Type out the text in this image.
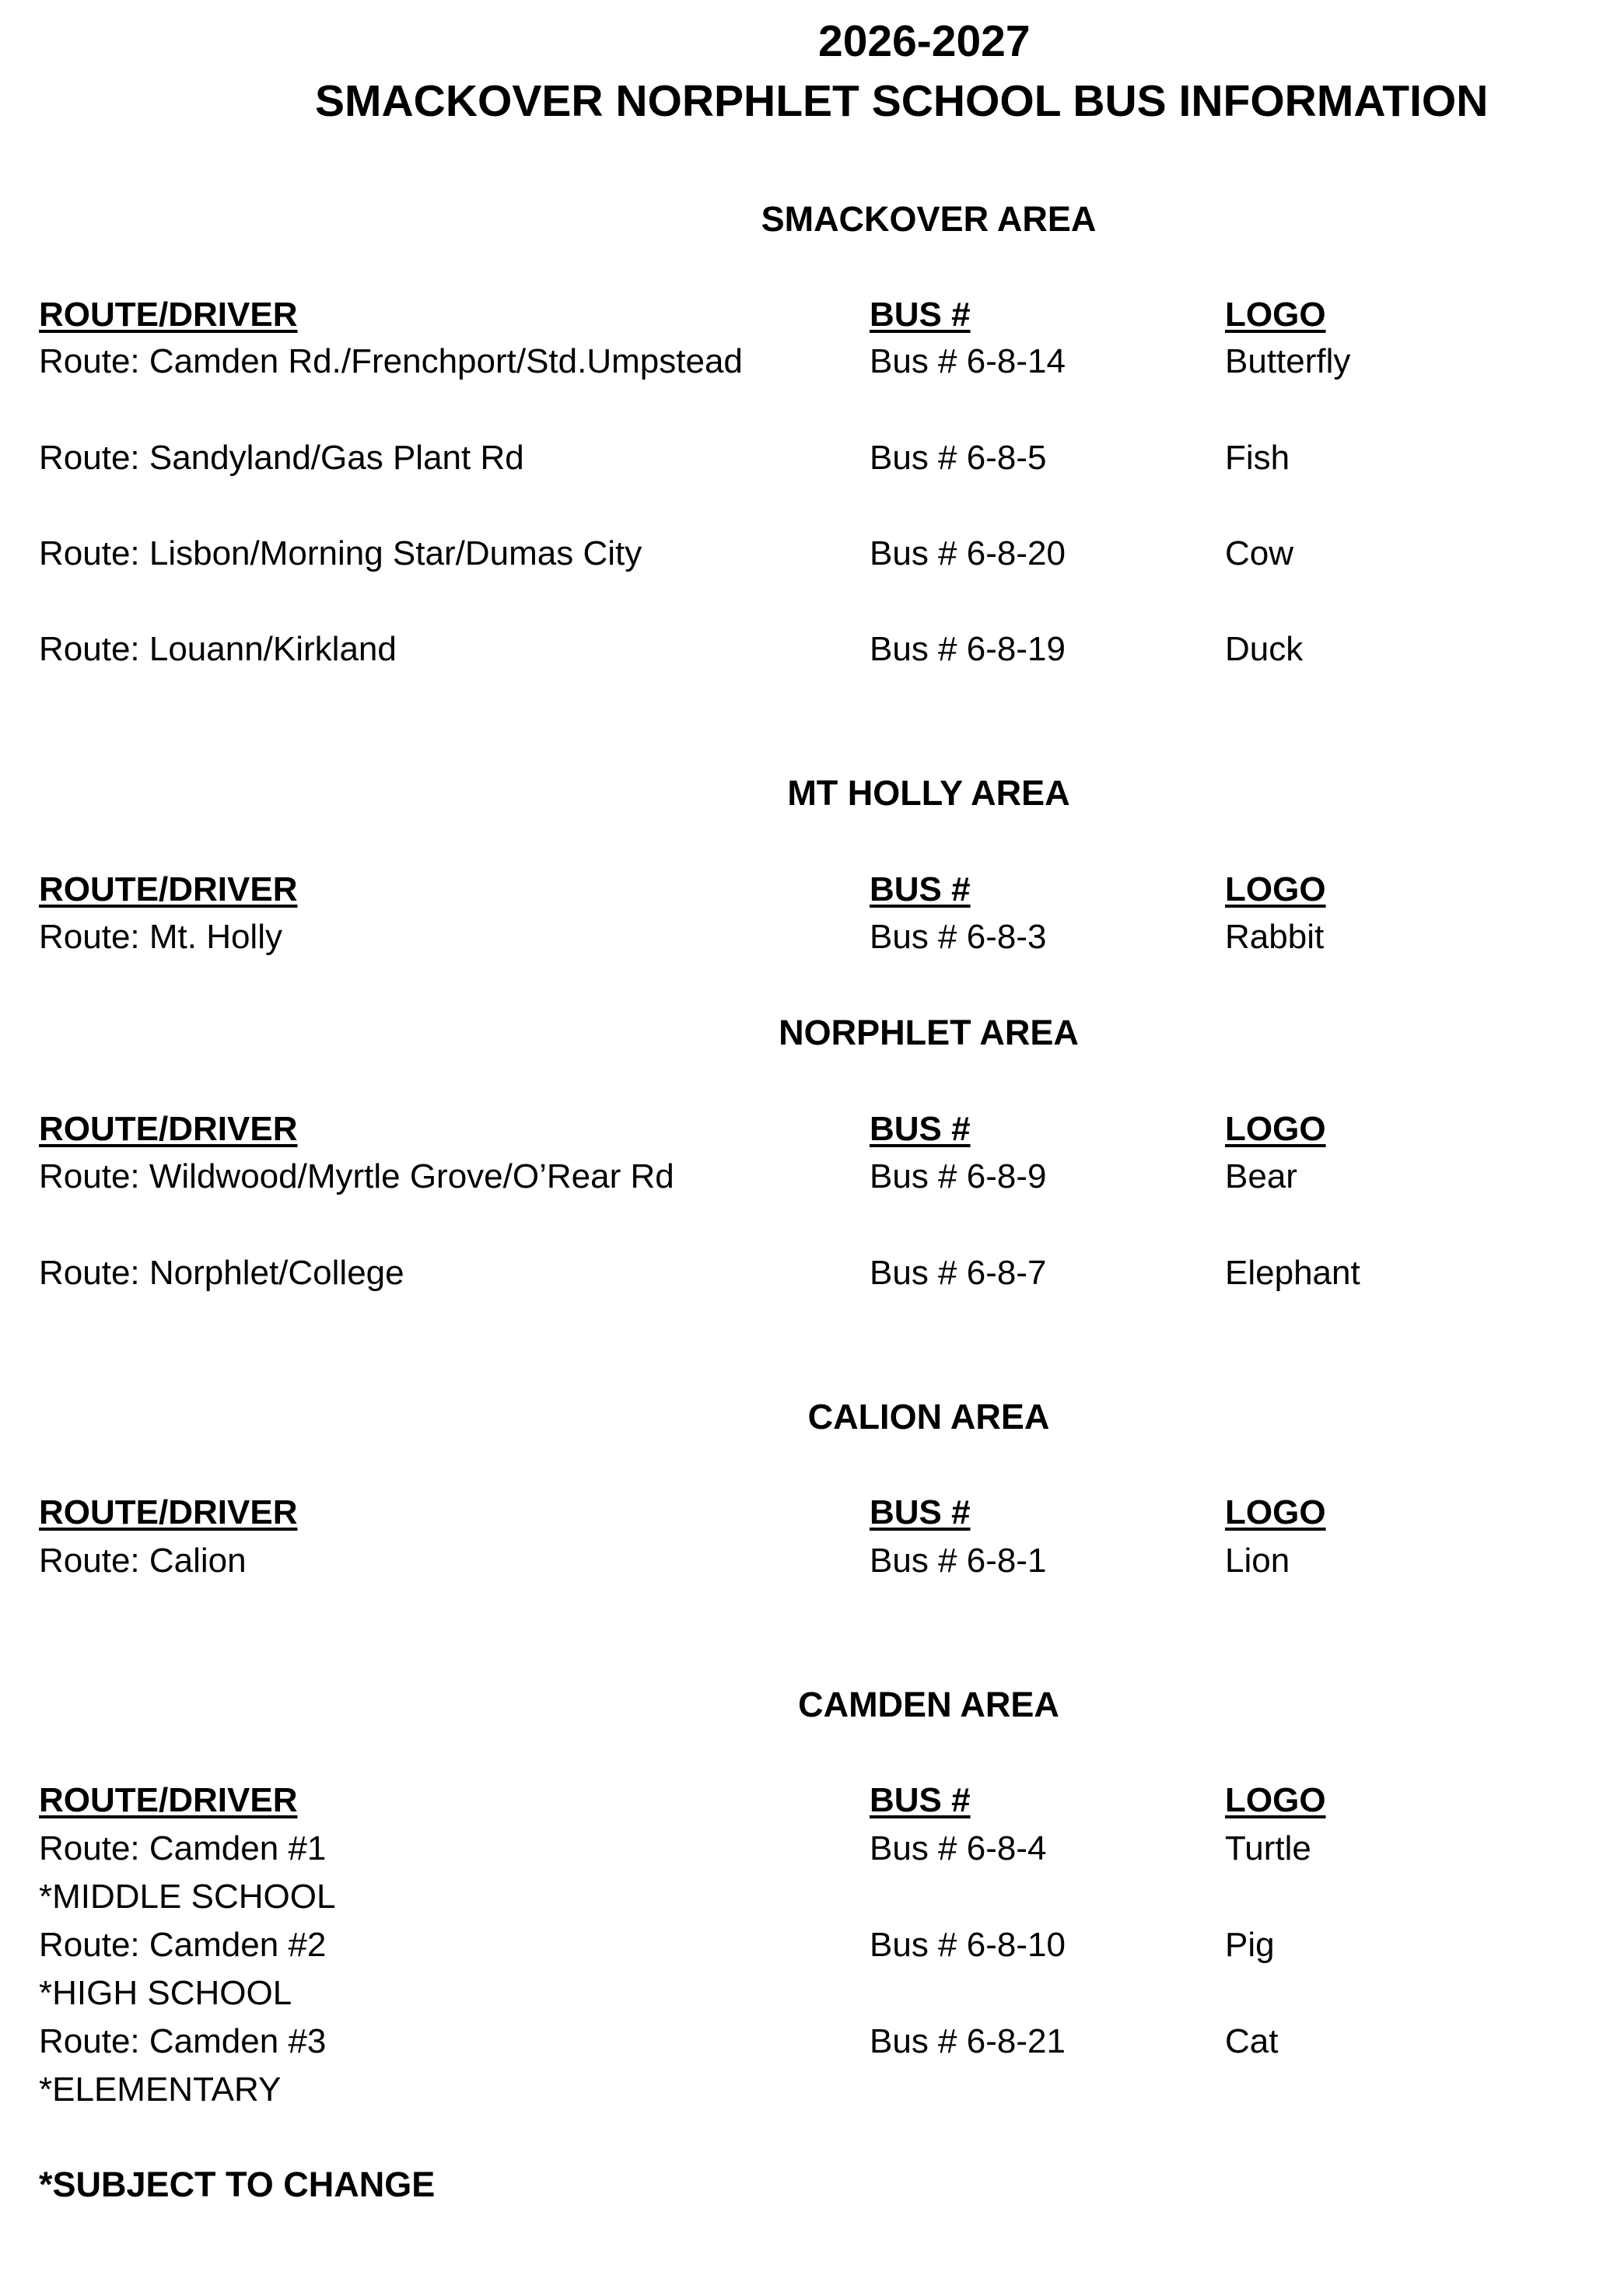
2026-2027
SMACKOVER NORPHLET SCHOOL BUS INFORMATION
SMACKOVER AREA
ROUTE/DRIVER	BUS #	LOGO
Route: Camden Rd./Frenchport/Std.Umpstead	Bus # 6-8-14	Butterfly
Route: Sandyland/Gas Plant Rd	Bus # 6-8-5	Fish
Route: Lisbon/Morning Star/Dumas City	Bus # 6-8-20	Cow
Route: Louann/Kirkland	Bus # 6-8-19	Duck
MT HOLLY AREA
ROUTE/DRIVER	BUS #	LOGO
Route: Mt. Holly	Bus # 6-8-3	Rabbit
NORPHLET AREA
ROUTE/DRIVER	BUS #	LOGO
Route: Wildwood/Myrtle Grove/O’Rear Rd	Bus # 6-8-9	Bear
Route: Norphlet/College	Bus # 6-8-7	Elephant
CALION AREA
ROUTE/DRIVER	BUS #	LOGO
Route: Calion	Bus # 6-8-1	Lion
CAMDEN AREA
ROUTE/DRIVER	BUS #	LOGO
Route: Camden #1	Bus # 6-8-4	Turtle
*MIDDLE SCHOOL
Route: Camden #2	Bus # 6-8-10	Pig
*HIGH SCHOOL
Route: Camden #3	Bus # 6-8-21	Cat
*ELEMENTARY
*SUBJECT TO CHANGE
